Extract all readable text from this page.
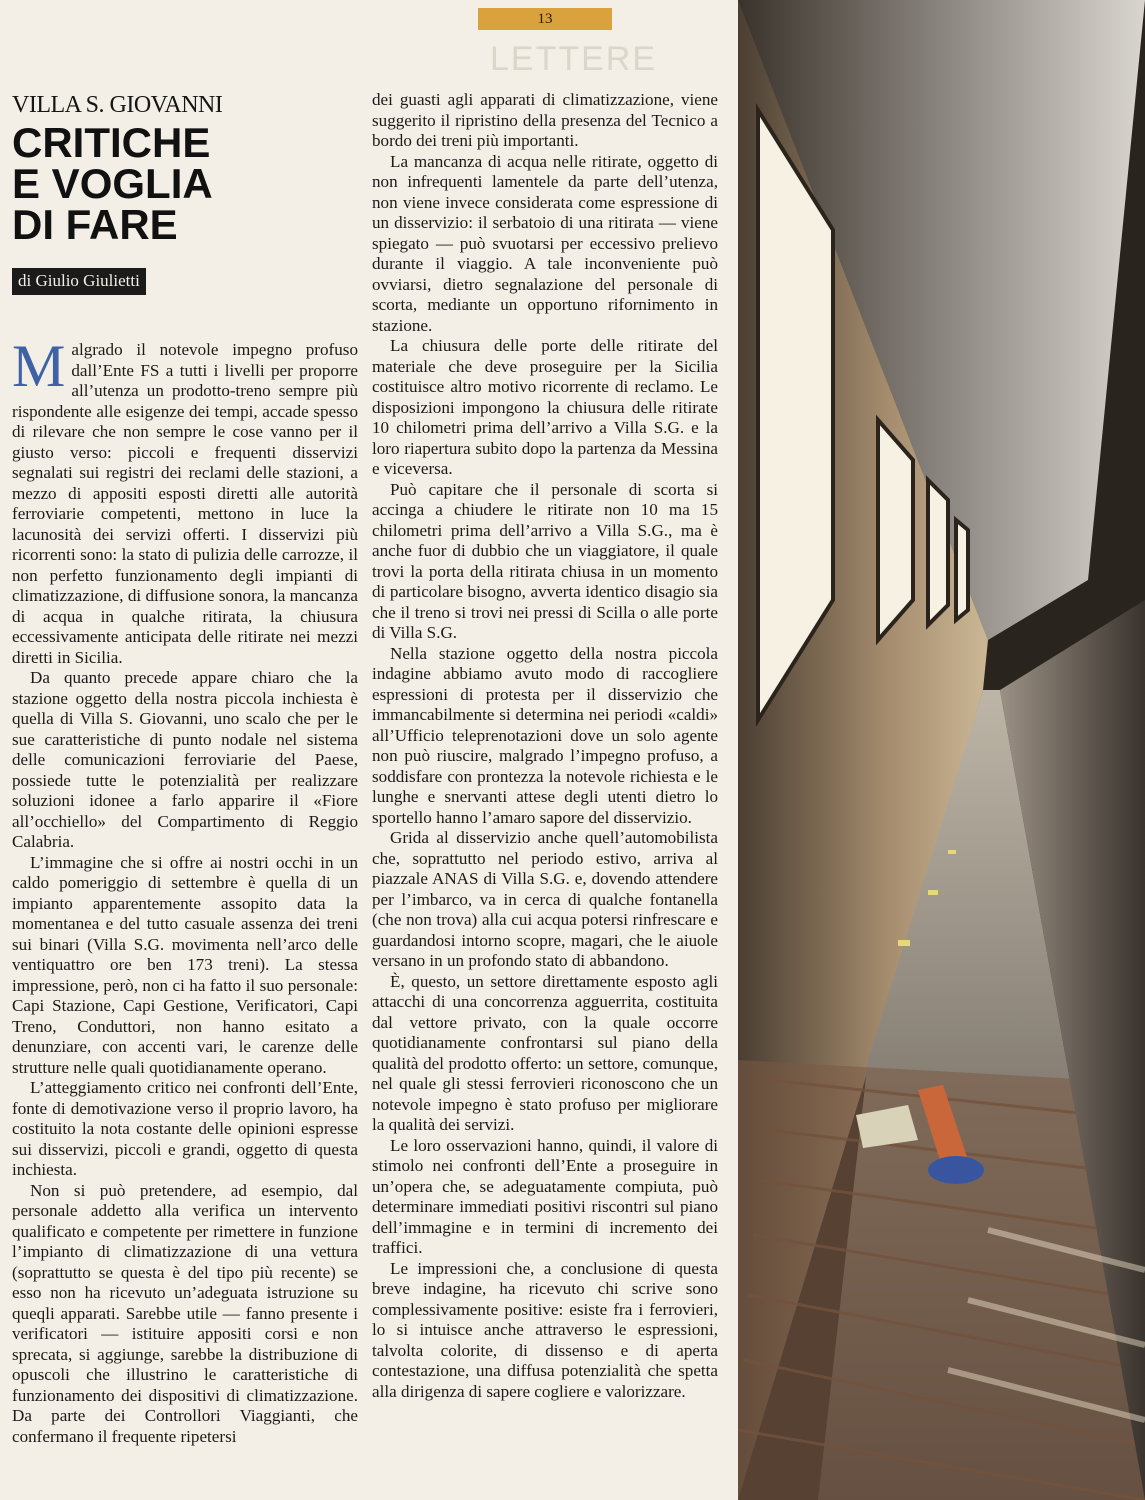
13
LETTERE
VILLA S. GIOVANNI
CRITICHE
E VOGLIA
DI FARE
di Giulio Giulietti

Malgrado il notevole impegno profuso dall’Ente FS a tutti i livelli per proporre all’utenza un prodotto-treno sempre più rispondente alle esigenze dei tempi, accade spesso di rilevare che non sempre le cose vanno per il giusto verso: piccoli e frequenti disservizi segnalati sui registri dei reclami delle stazioni, a mezzo di appositi esposti diretti alle autorità ferroviarie competenti, mettono in luce la lacunosità dei servizi offerti. I disservizi più ricorrenti sono: la stato di pulizia delle carrozze, il non perfetto funzionamento degli impianti di climatizzazione, di diffusione sonora, la mancanza di acqua in qualche ritirata, la chiusura eccessivamente anticipata delle ritirate nei mezzi diretti in Sicilia.

Da quanto precede appare chiaro che la stazione oggetto della nostra piccola inchiesta è quella di Villa S. Giovanni, uno scalo che per le sue caratteristiche di punto nodale nel sistema delle comunicazioni ferroviarie del Paese, possiede tutte le potenzialità per realizzare soluzioni idonee a farlo apparire il «Fiore all’occhiello» del Compartimento di Reggio Calabria.

L’immagine che si offre ai nostri occhi in un caldo pomeriggio di settembre è quella di un impianto apparentemente assopito data la momentanea e del tutto casuale assenza dei treni sui binari (Villa S.G. movimenta nell’arco delle ventiquattro ore ben 173 treni). La stessa impressione, però, non ci ha fatto il suo personale: Capi Stazione, Capi Gestione, Verificatori, Capi Treno, Conduttori, non hanno esitato a denunziare, con accenti vari, le carenze delle strutture nelle quali quotidianamente operano.

L’atteggiamento critico nei confronti dell’Ente, fonte di demotivazione verso il proprio lavoro, ha costituito la nota costante delle opinioni espresse sui disservizi, piccoli e grandi, oggetto di questa inchiesta.

Non si può pretendere, ad esempio, dal personale addetto alla verifica un intervento qualificato e competente per rimettere in funzione l’impianto di climatizzazione di una vettura (soprattutto se questa è del tipo più recente) se esso non ha ricevuto un’adeguata istruzione su queqli apparati. Sarebbe utile — fanno presente i verificatori — istituire appositi corsi e non sprecata, si aggiunge, sarebbe la distribuzione di opuscoli che illustrino le caratteristiche di funzionamento dei dispositivi di climatizzazione. Da parte dei Controllori Viaggianti, che confermano il frequente ripetersi

dei guasti agli apparati di climatizzazione, viene suggerito il ripristino della presenza del Tecnico a bordo dei treni più importanti.

La mancanza di acqua nelle ritirate, oggetto di non infrequenti lamentele da parte dell’utenza, non viene invece considerata come espressione di un disservizio: il serbatoio di una ritirata — viene spiegato — può svuotarsi per eccessivo prelievo durante il viaggio. A tale inconveniente può ovviarsi, dietro segnalazione del personale di scorta, mediante un opportuno rifornimento in stazione.

La chiusura delle porte delle ritirate del materiale che deve proseguire per la Sicilia costituisce altro motivo ricorrente di reclamo. Le disposizioni impongono la chiusura delle ritirate 10 chilometri prima dell’arrivo a Villa S.G. e la loro riapertura subito dopo la partenza da Messina e viceversa.

Può capitare che il personale di scorta si accinga a chiudere le ritirate non 10 ma 15 chilometri prima dell’arrivo a Villa S.G., ma è anche fuor di dubbio che un viaggiatore, il quale trovi la porta della ritirata chiusa in un momento di particolare bisogno, avverta identico disagio sia che il treno si trovi nei pressi di Scilla o alle porte di Villa S.G.

Nella stazione oggetto della nostra piccola indagine abbiamo avuto modo di raccogliere espressioni di protesta per il disservizio che immancabilmente si determina nei periodi «caldi» all’Ufficio teleprenotazioni dove un solo agente non può riuscire, malgrado l’impegno profuso, a soddisfare con prontezza la notevole richiesta e le lunghe e snervanti attese degli utenti dietro lo sportello hanno l’amaro sapore del disservizio.

Grida al disservizio anche quell’automobilista che, soprattutto nel periodo estivo, arriva al piazzale ANAS di Villa S.G. e, dovendo attendere per l’imbarco, va in cerca di qualche fontanella (che non trova) alla cui acqua potersi rinfrescare e guardandosi intorno scopre, magari, che le aiuole versano in un profondo stato di abbandono.

È, questo, un settore direttamente esposto agli attacchi di una concorrenza agguerrita, costituita dal vettore privato, con la quale occorre quotidianamente confrontarsi sul piano della qualità del prodotto offerto: un settore, comunque, nel quale gli stessi ferrovieri riconoscono che un notevole impegno è stato profuso per migliorare la qualità dei servizi.

Le loro osservazioni hanno, quindi, il valore di stimolo nei confronti dell’Ente a proseguire in un’opera che, se adeguatamente compiuta, può determinare immediati positivi riscontri sul piano dell’immagine e in termini di incremento dei traffici.

Le impressioni che, a conclusione di questa breve indagine, ha ricevuto chi scrive sono complessivamente positive: esiste fra i ferrovieri, lo si intuisce anche attraverso le espressioni, talvolta colorite, di dissenso e di aperta contestazione, una diffusa potenzialità che spetta alla dirigenza di sapere cogliere e valorizzare.
